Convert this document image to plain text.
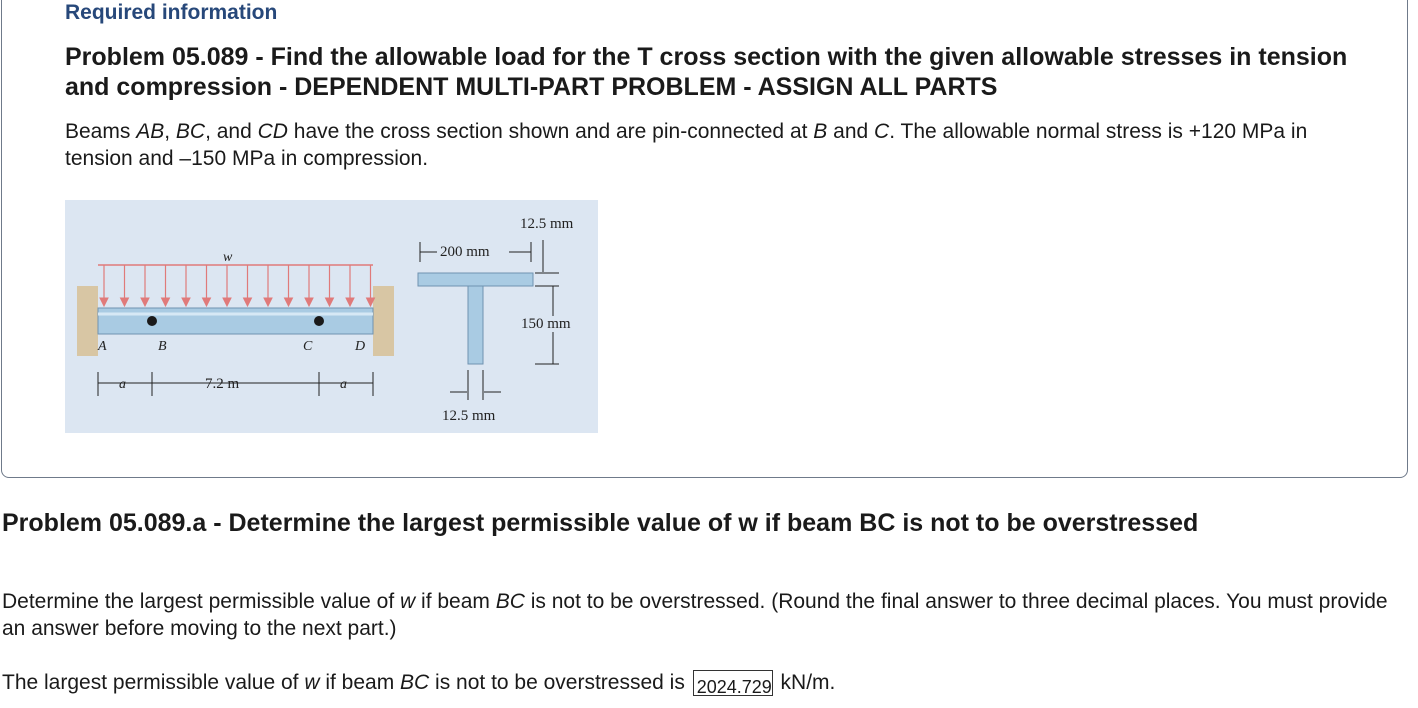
Required information
Problem 05.089 - Find the allowable load for the T cross section with the given allowable stresses in tension and compression - DEPENDENT MULTI-PART PROBLEM - ASSIGN ALL PARTS

Beams AB, BC, and CD have the cross section shown and are pin-connected at B and C. The allowable normal stress is +120 MPa in tension and –150 MPa in compression.

A	B	C	D
w
a	7.2 m	a
200 mm
12.5 mm
150 mm
12.5 mm
Problem 05.089.a - Determine the largest permissible value of w if beam BC is not to be overstressed

Determine the largest permissible value of w if beam BC is not to be overstressed. (Round the final answer to three decimal places. You must provide an answer before moving to the next part.)

The largest permissible value of w if beam BC is not to be overstressed is 2024.729 kN/m.
